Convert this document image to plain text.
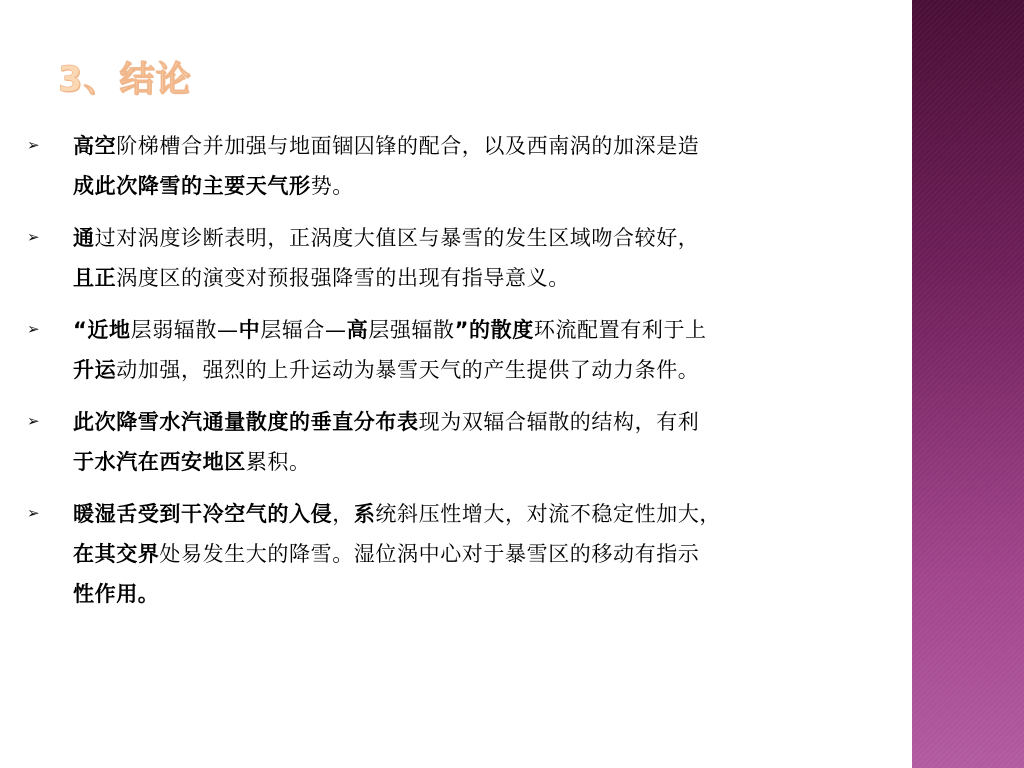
3、结论
➢ 高空阶梯槽合并加强与地面锢囚锋的配合，以及西南涡的加深是造
成此次降雪的主要天气形势。
➢ 通过对涡度诊断表明，正涡度大值区与暴雪的发生区域吻合较好，
且正涡度区的演变对预报强降雪的出现有指导意义。
➢ “近地层弱辐散—中层辐合—高层强辐散”的散度环流配置有利于上
升运动加强，强烈的上升运动为暴雪天气的产生提供了动力条件。
➢ 此次降雪水汽通量散度的垂直分布表现为双辐合辐散的结构，有利
于水汽在西安地区累积。
➢ 暖湿舌受到干冷空气的入侵，系统斜压性增大，对流不稳定性加大，
在其交界处易发生大的降雪。湿位涡中心对于暴雪区的移动有指示
性作用。
